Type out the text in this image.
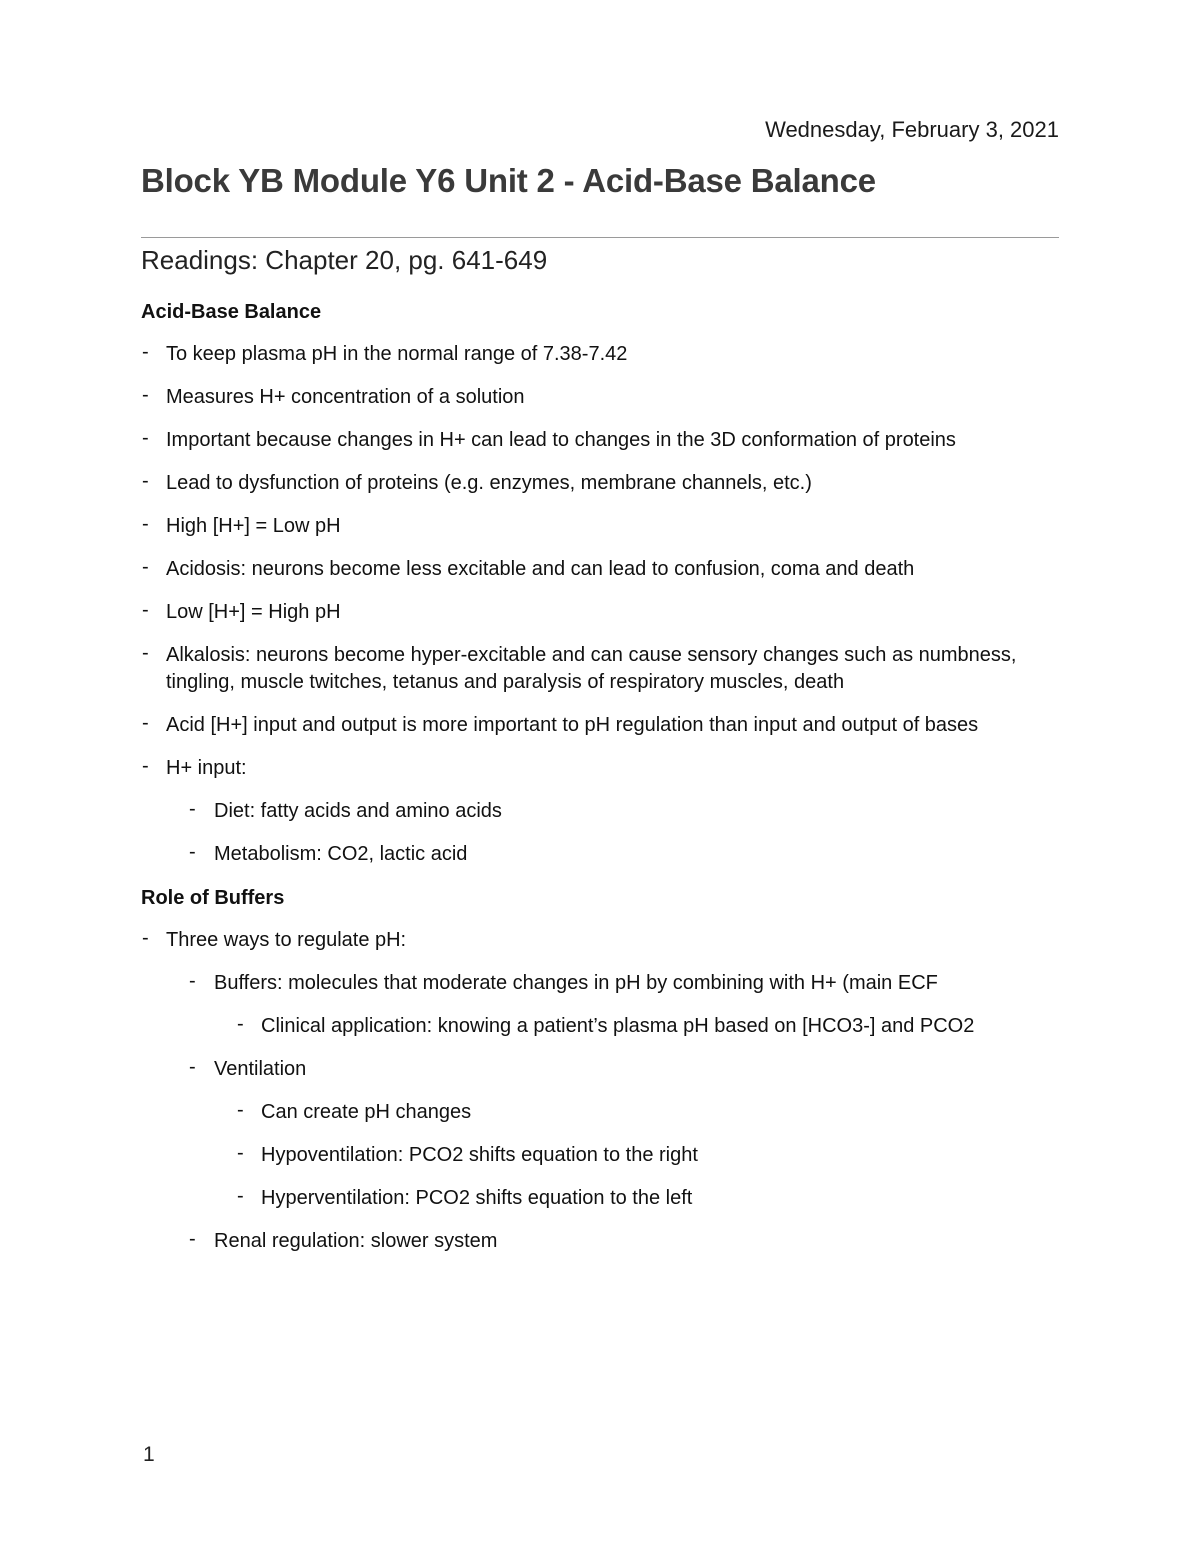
Wednesday, February 3, 2021
Block YB Module Y6 Unit 2 - Acid-Base Balance
Readings: Chapter 20, pg. 641-649
Acid-Base Balance
- To keep plasma pH in the normal range of 7.38-7.42
- Measures H+ concentration of a solution
- Important because changes in H+ can lead to changes in the 3D conformation of proteins
- Lead to dysfunction of proteins (e.g. enzymes, membrane channels, etc.)
- High [H+] = Low pH
- Acidosis: neurons become less excitable and can lead to confusion, coma and death
- Low [H+] = High pH
- Alkalosis: neurons become hyper-excitable and can cause sensory changes such as numbness, tingling, muscle twitches, tetanus and paralysis of respiratory muscles, death
- Acid [H+] input and output is more important to pH regulation than input and output of bases
- H+ input:
- Diet: fatty acids and amino acids
- Metabolism: CO2, lactic acid
Role of Buffers
- Three ways to regulate pH:
- Buffers: molecules that moderate changes in pH by combining with H+ (main ECF
- Clinical application: knowing a patient’s plasma pH based on [HCO3-] and PCO2
- Ventilation
- Can create pH changes
- Hypoventilation: PCO2 shifts equation to the right
- Hyperventilation: PCO2 shifts equation to the left
- Renal regulation: slower system
1
